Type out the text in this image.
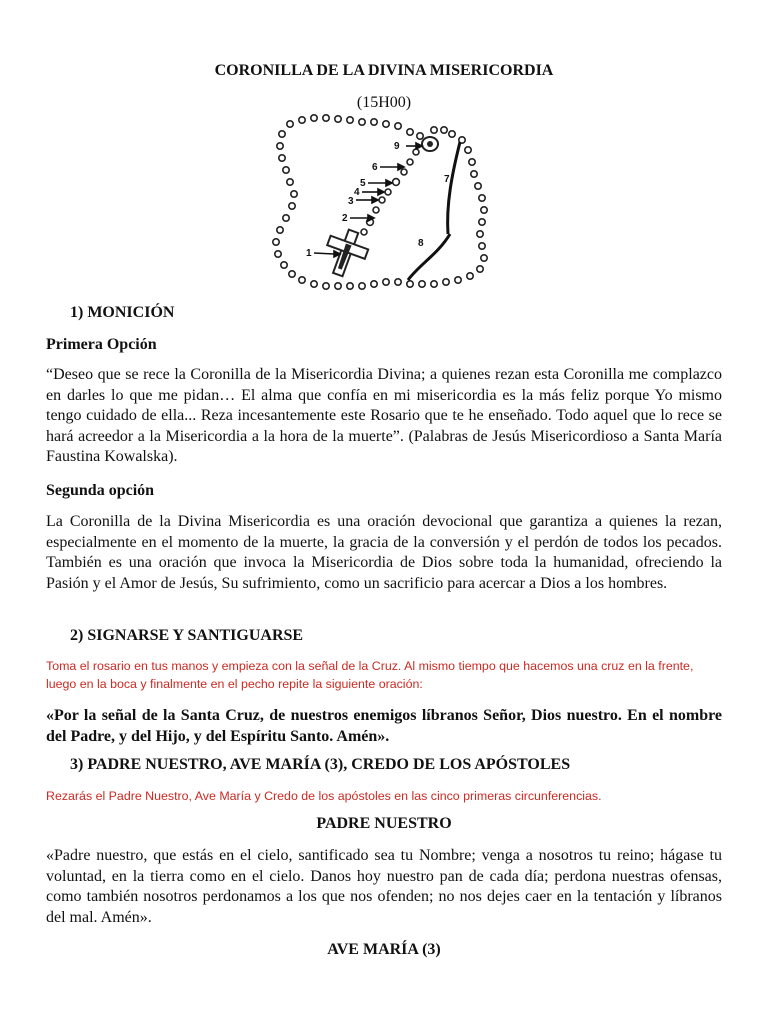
CORONILLA DE LA DIVINA MISERICORDIA
(15H00)
1
2
3
4
5
6
7
8
9
1) MONICIÓN
Primera Opción
“Deseo que se rece la Coronilla de la Misericordia Divina; a quienes rezan esta Coronilla me complazco en darles lo que me pidan… El alma que confía en mi misericordia es la más feliz porque Yo mismo tengo cuidado de ella... Reza incesantemente este Rosario que te he enseñado. Todo aquel que lo rece se hará acreedor a la Misericordia a la hora de la muerte”. (Palabras de Jesús Misericordioso a Santa María Faustina Kowalska).
Segunda opción
La Coronilla de la Divina Misericordia es una oración devocional que garantiza a quienes la rezan, especialmente en el momento de la muerte, la gracia de la conversión y el perdón de todos los pecados. También es una oración que invoca la Misericordia de Dios sobre toda la humanidad, ofreciendo la Pasión y el Amor de Jesús, Su sufrimiento, como un sacrificio para acercar a Dios a los hombres.
2) SIGNARSE Y SANTIGUARSE
Toma el rosario en tus manos y empieza con la señal de la Cruz. Al mismo tiempo que hacemos una cruz en la frente, luego en la boca y finalmente en el pecho repite la siguiente oración:
«Por la señal de la Santa Cruz, de nuestros enemigos líbranos Señor, Dios nuestro. En el nombre del Padre, y del Hijo, y del Espíritu Santo. Amén».
3) PADRE NUESTRO, AVE MARÍA (3), CREDO DE LOS APÓSTOLES
Rezarás el Padre Nuestro, Ave María y Credo de los apóstoles en las cinco primeras circunferencias.
PADRE NUESTRO
«Padre nuestro, que estás en el cielo, santificado sea tu Nombre; venga a nosotros tu reino; hágase tu voluntad, en la tierra como en el cielo. Danos hoy nuestro pan de cada día; perdona nuestras ofensas, como también nosotros perdonamos a los que nos ofenden; no nos dejes caer en la tentación y líbranos del mal. Amén».
AVE MARÍA (3)
